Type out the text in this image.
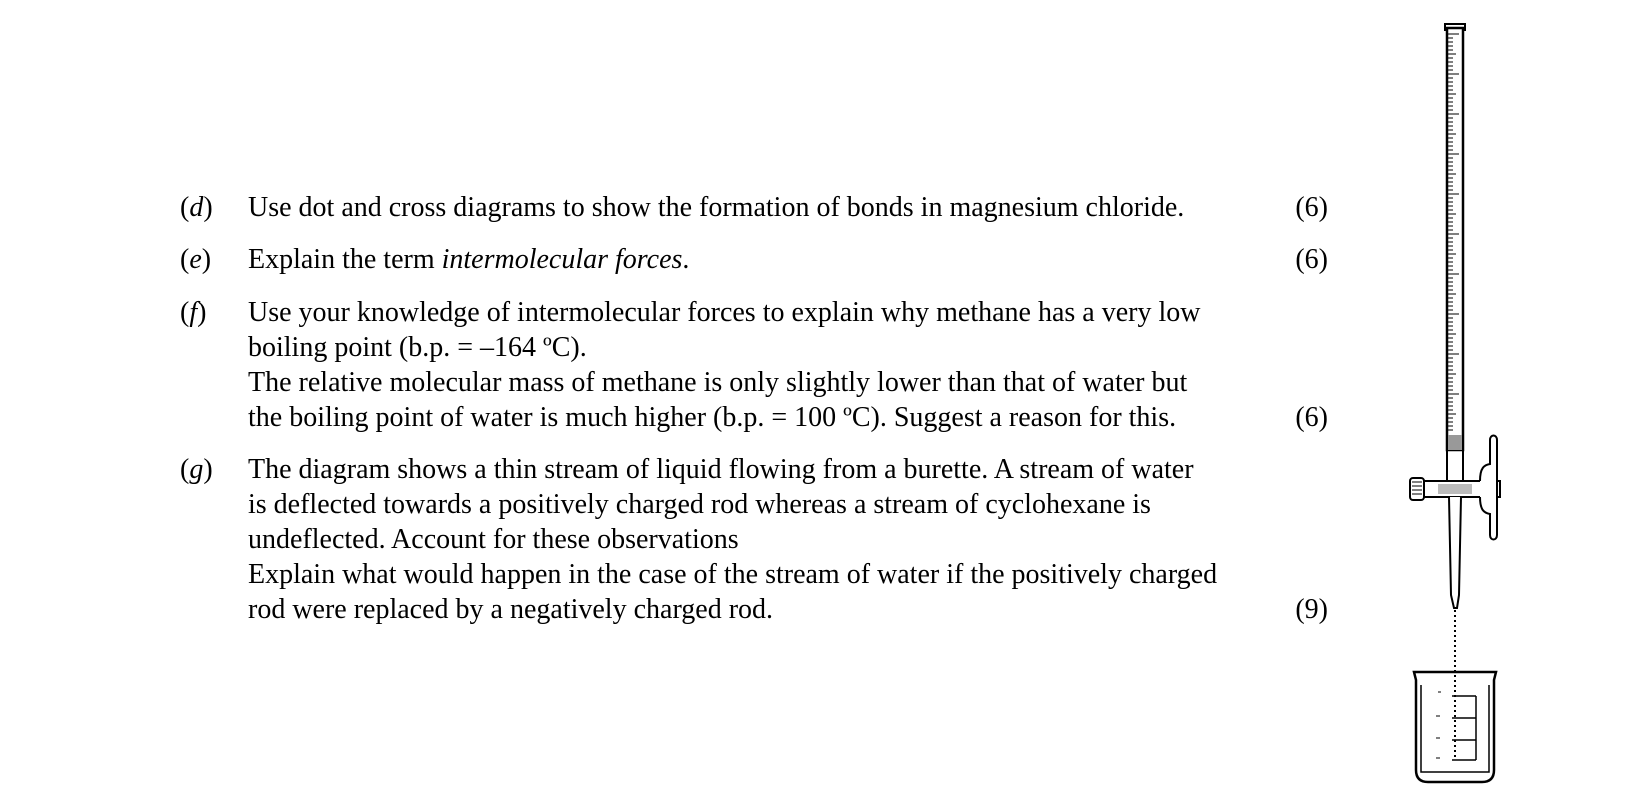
(d) Use dot and cross diagrams to show the formation of bonds in magnesium chloride.	(6)
(e) Explain the term intermolecular forces.	(6)
(f) Use your knowledge of intermolecular forces to explain why methane has a very low
boiling point (b.p. = –164 ºC).
The relative molecular mass of methane is only slightly lower than that of water but
the boiling point of water is much higher (b.p. = 100 ºC). Suggest a reason for this.	(6)
(g) The diagram shows a thin stream of liquid flowing from a burette. A stream of water
is deflected towards a positively charged rod whereas a stream of cyclohexane is
undeflected. Account for these observations
Explain what would happen in the case of the stream of water if the positively charged
rod were replaced by a negatively charged rod.	(9)
